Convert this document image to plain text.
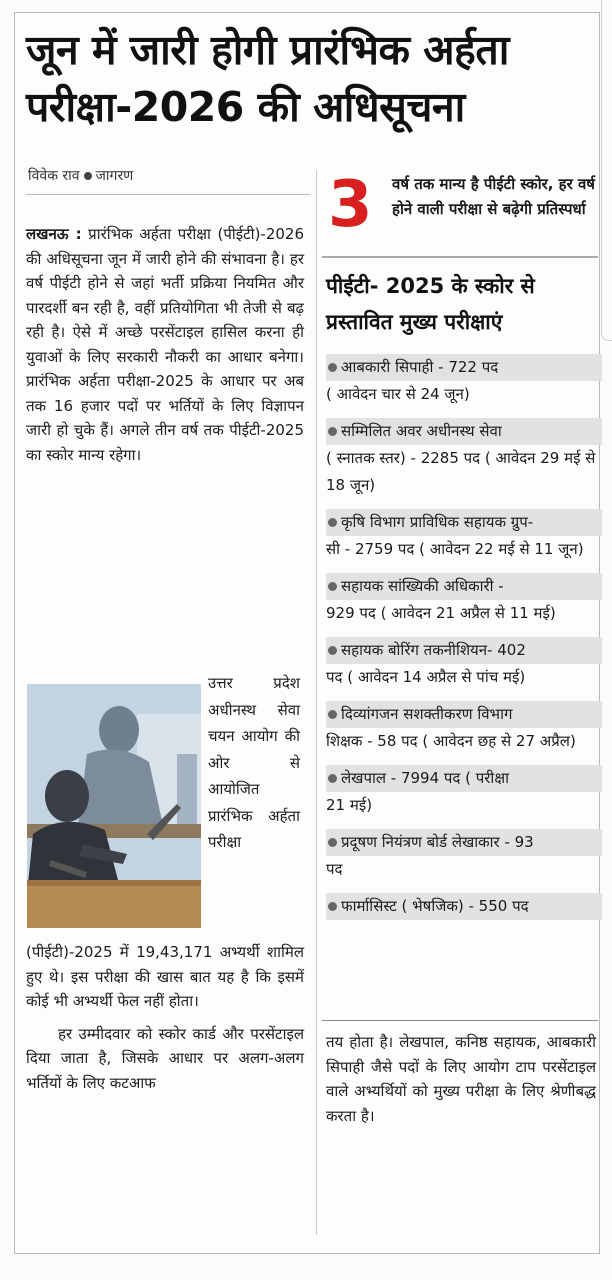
जून में जारी होगी प्रारंभिक अर्हता परीक्षा-2026 की अधिसूचना
विवेक राव जागरण
लखनऊ : प्रारंभिक अर्हता परीक्षा (पीईटी)-2026 की अधिसूचना जून में जारी होने की संभावना है। हर वर्ष पीईटी होने से जहां भर्ती प्रक्रिया नियमित और पारदर्शी बन रही है, वहीं प्रतियोगिता भी तेजी से बढ़ रही है। ऐसे में अच्छे परसेंटाइल हासिल करना ही युवाओं के लिए सरकारी नौकरी का आधार बनेगा। प्रारंभिक अर्हता परीक्षा-2025 के आधार पर अब तक 16 हजार पदों पर भर्तियों के लिए विज्ञापन जारी हो चुके हैं। अगले तीन वर्ष तक पीईटी-2025 का स्कोर मान्य रहेगा।
उत्तर प्रदेश अधीनस्थ सेवा चयन आयोग की ओर से आयोजित प्रारंभिक अर्हता परीक्षा

(पीईटी)-2025 में 19,43,171 अभ्यर्थी शामिल हुए थे। इस परीक्षा की खास बात यह है कि इसमें कोई भी अभ्यर्थी फेल नहीं होता।

हर उम्मीदवार को स्कोर कार्ड और परसेंटाइल दिया जाता है, जिसके आधार पर अलग-अलग भर्तियों के लिए कटआफ

3 वर्ष तक मान्य है पीईटी स्कोर, हर वर्ष होने वाली परीक्षा से बढ़ेगी प्रतिस्पर्धा
पीईटी- 2025 के स्कोर से प्रस्तावित मुख्य परीक्षाएं
आबकारी सिपाही - 722 पद
( आवेदन चार से 24 जून)
सम्मिलित अवर अधीनस्थ सेवा
( स्नातक स्तर) - 2285 पद ( आवेदन 29 मई से 18 जून)
कृषि विभाग प्राविधिक सहायक ग्रुप-
सी - 2759 पद ( आवेदन 22 मई से 11 जून)
सहायक सांख्यिकी अधिकारी -
929 पद ( आवेदन 21 अप्रैल से 11 मई)
सहायक बोरिंग तकनीशियन- 402
पद ( आवेदन 14 अप्रैल से पांच मई)
दिव्यांगजन सशक्तीकरण विभाग
शिक्षक - 58 पद ( आवेदन छह से 27 अप्रैल)
लेखपाल - 7994 पद ( परीक्षा
21 मई)
प्रदूषण नियंत्रण बोर्ड लेखाकार - 93
पद
फार्मासिस्ट ( भेषजिक) - 550 पद
तय होता है। लेखपाल, कनिष्ठ सहायक, आबकारी सिपाही जैसे पदों के लिए आयोग टाप परसेंटाइल वाले अभ्यर्थियों को मुख्य परीक्षा के लिए श्रेणीबद्ध करता है।
